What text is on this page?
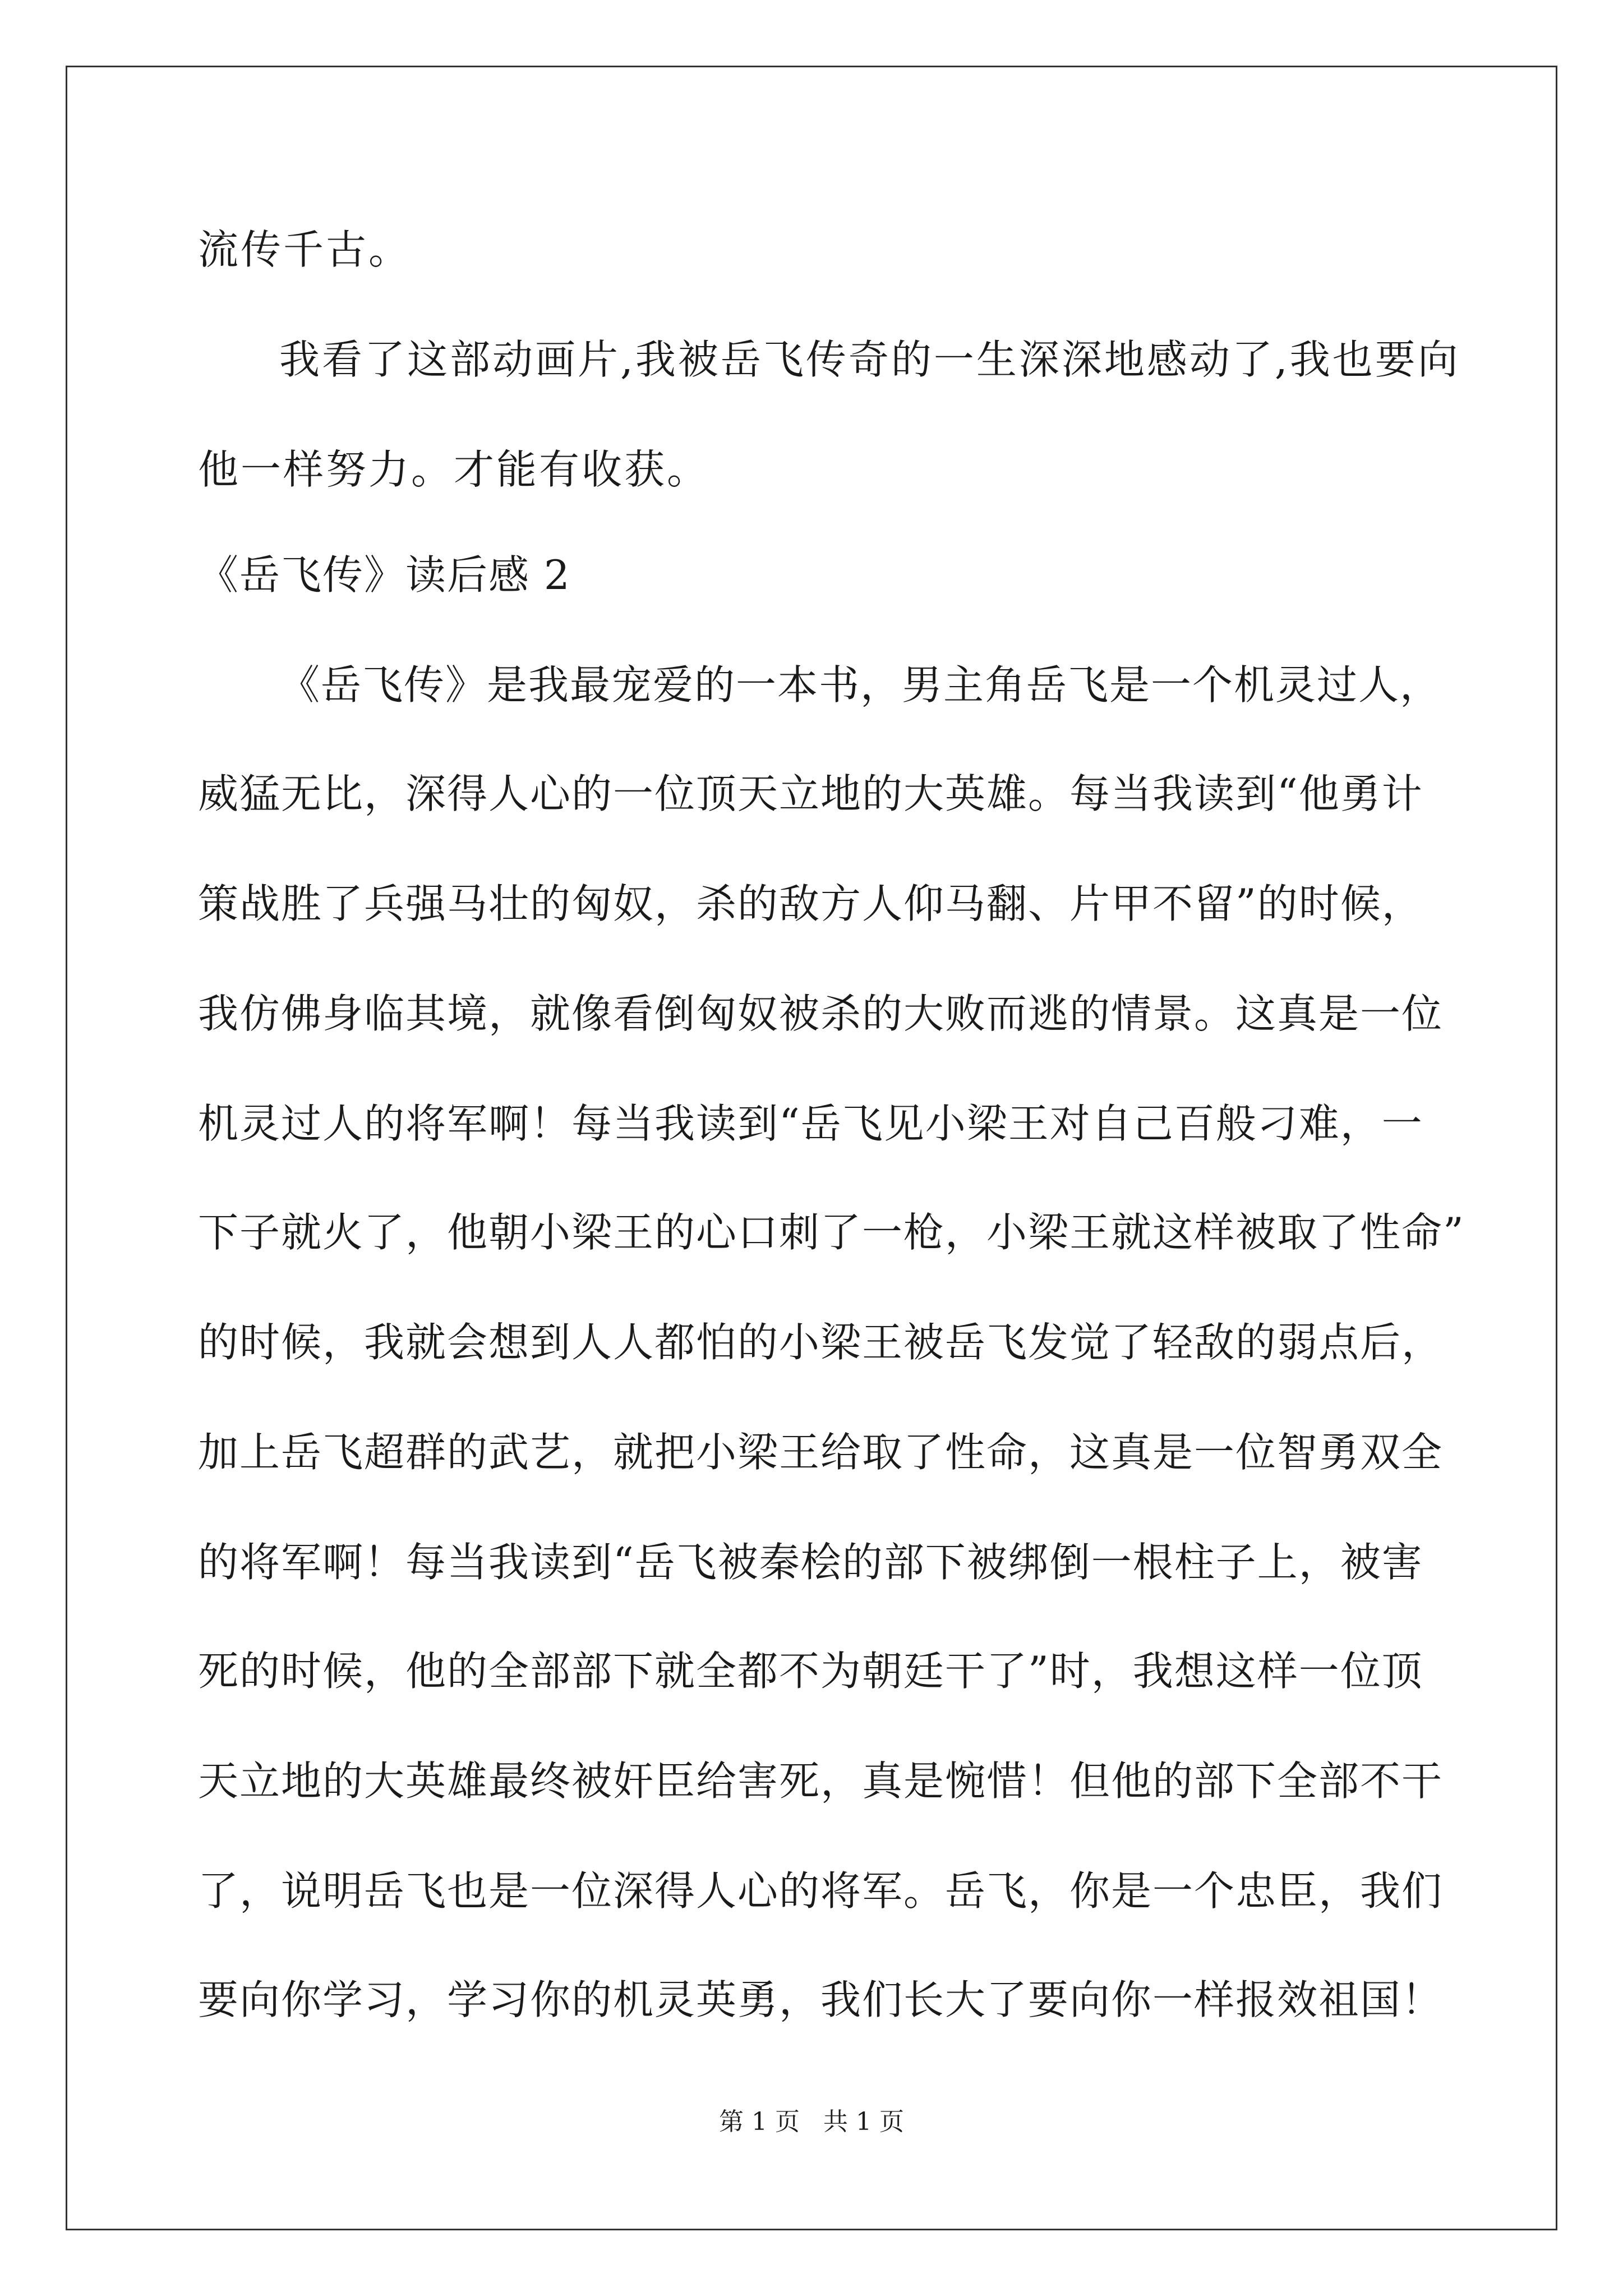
流传千古。
我看了这部动画片,我被岳飞传奇的一生深深地感动了,我也要向
他一样努力。才能有收获。
《岳飞传》读后感 2
《岳飞传》是我最宠爱的一本书，男主角岳飞是一个机灵过人，
威猛无比，深得人心的一位顶天立地的大英雄。每当我读到“他勇计
策战胜了兵强马壮的匈奴，杀的敌方人仰马翻、片甲不留”的时候，
我仿佛身临其境，就像看倒匈奴被杀的大败而逃的情景。这真是一位
机灵过人的将军啊！每当我读到“岳飞见小梁王对自己百般刁难，一
下子就火了，他朝小梁王的心口刺了一枪，小梁王就这样被取了性命”
的时候，我就会想到人人都怕的小梁王被岳飞发觉了轻敌的弱点后，
加上岳飞超群的武艺，就把小梁王给取了性命，这真是一位智勇双全
的将军啊！每当我读到“岳飞被秦桧的部下被绑倒一根柱子上，被害
死的时候，他的全部部下就全都不为朝廷干了”时，我想这样一位顶
天立地的大英雄最终被奸臣给害死，真是惋惜！但他的部下全部不干
了，说明岳飞也是一位深得人心的将军。岳飞，你是一个忠臣，我们
要向你学习，学习你的机灵英勇，我们长大了要向你一样报效祖国！
第 1 页   共 1 页
